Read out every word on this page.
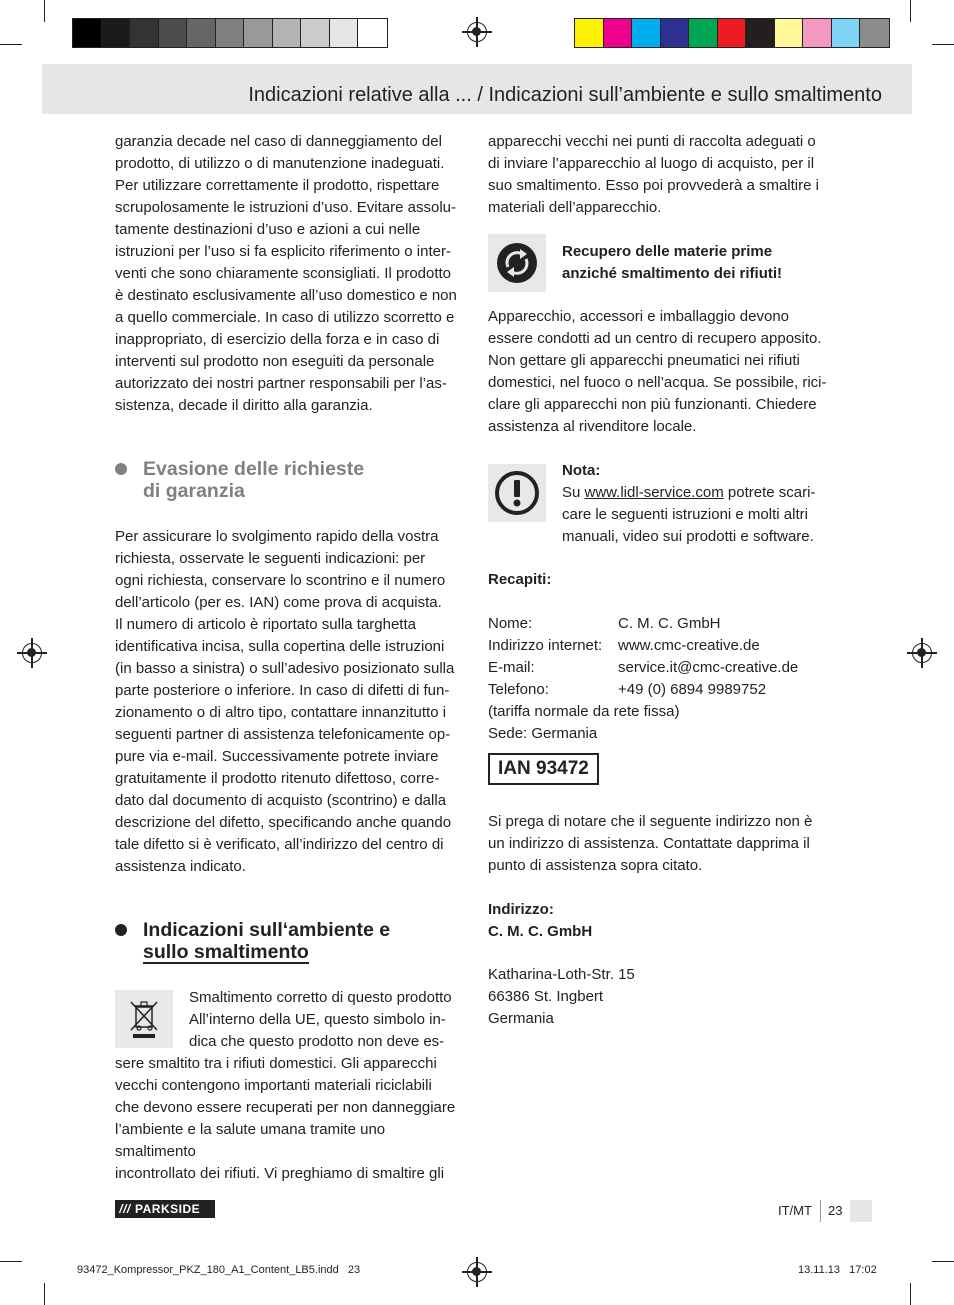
Indicazioni relative alla ... / Indicazioni sull’ambiente e sullo smaltimento
garanzia decade nel caso di danneggiamento del
prodotto, di utilizzo o di manutenzione inadeguati.
Per utilizzare correttamente il prodotto, rispettare
scrupolosamente le istruzioni d’uso. Evitare assolu-
tamente destinazioni d’uso e azioni a cui nelle
istruzioni per l’uso si fa esplicito riferimento o inter-
venti che sono chiaramente sconsigliati. Il prodotto
è destinato esclusivamente all’uso domestico e non
a quello commerciale. In caso di utilizzo scorretto e
inappropriato, di esercizio della forza e in caso di
interventi sul prodotto non eseguiti da personale
autorizzato dei nostri partner responsabili per l’as-
sistenza, decade il diritto alla garanzia.
Evasione delle richieste
di garanzia
Per assicurare lo svolgimento rapido della vostra
richiesta, osservate le seguenti indicazioni: per
ogni richiesta, conservare lo scontrino e il numero
dell’articolo (per es. IAN) come prova di acquista.
Il numero di articolo è riportato sulla targhetta
identificativa incisa, sulla copertina delle istruzioni
(in basso a sinistra) o sull’adesivo posizionato sulla
parte posteriore o inferiore. In caso di difetti di fun-
zionamento o di altro tipo, contattare innanzitutto i
seguenti partner di assistenza telefonicamente op-
pure via e-mail. Successivamente potrete inviare
gratuitamente il prodotto ritenuto difettoso, corre-
dato dal documento di acquisto (scontrino) e dalla
descrizione del difetto, specificando anche quando
tale difetto si è verificato, all’indirizzo del centro di
assistenza indicato.
Indicazioni sull‘ambiente e
sullo smaltimento
Smaltimento corretto di questo prodotto
All’interno della UE, questo simbolo in-
dica che questo prodotto non deve es-
sere smaltito tra i rifiuti domestici. Gli apparecchi
vecchi contengono importanti materiali riciclabili
che devono essere recuperati per non danneggiare
l’ambiente e la salute umana tramite uno smaltimento
incontrollato dei rifiuti. Vi preghiamo di smaltire gli
apparecchi vecchi nei punti di raccolta adeguati o
di inviare l’apparecchio al luogo di acquisto, per il
suo smaltimento. Esso poi provvederà a smaltire i
materiali dell’apparecchio.
Recupero delle materie prime
anziché smaltimento dei rifiuti!
Apparecchio, accessori e imballaggio devono
essere condotti ad un centro di recupero apposito.
Non gettare gli apparecchi pneumatici nei rifiuti
domestici, nel fuoco o nell’acqua. Se possibile, rici-
clare gli apparecchi non più funzionanti. Chiedere
assistenza al rivenditore locale.
Nota:
Su www.lidl-service.com potrete scari-
care le seguenti istruzioni e molti altri
manuali, video sui prodotti e software.
Recapiti:
Nome:	C. M. C. GmbH
Indirizzo internet: www.cmc-creative.de
E-mail:	service.it@cmc-creative.de
Telefono:	+49 (0) 6894 9989752
(tariffa normale da rete fissa)
Sede: Germania
IAN 93472
Si prega di notare che il seguente indirizzo non è
un indirizzo di assistenza. Contattate dapprima il
punto di assistenza sopra citato.
Indirizzo:
C. M. C. GmbH
Katharina-Loth-Str. 15
66386 St. Ingbert
Germania
/// PARKSIDE	IT/MT 23
93472_Kompressor_PKZ_180_A1_Content_LB5.indd   23	13.11.13   17:02
